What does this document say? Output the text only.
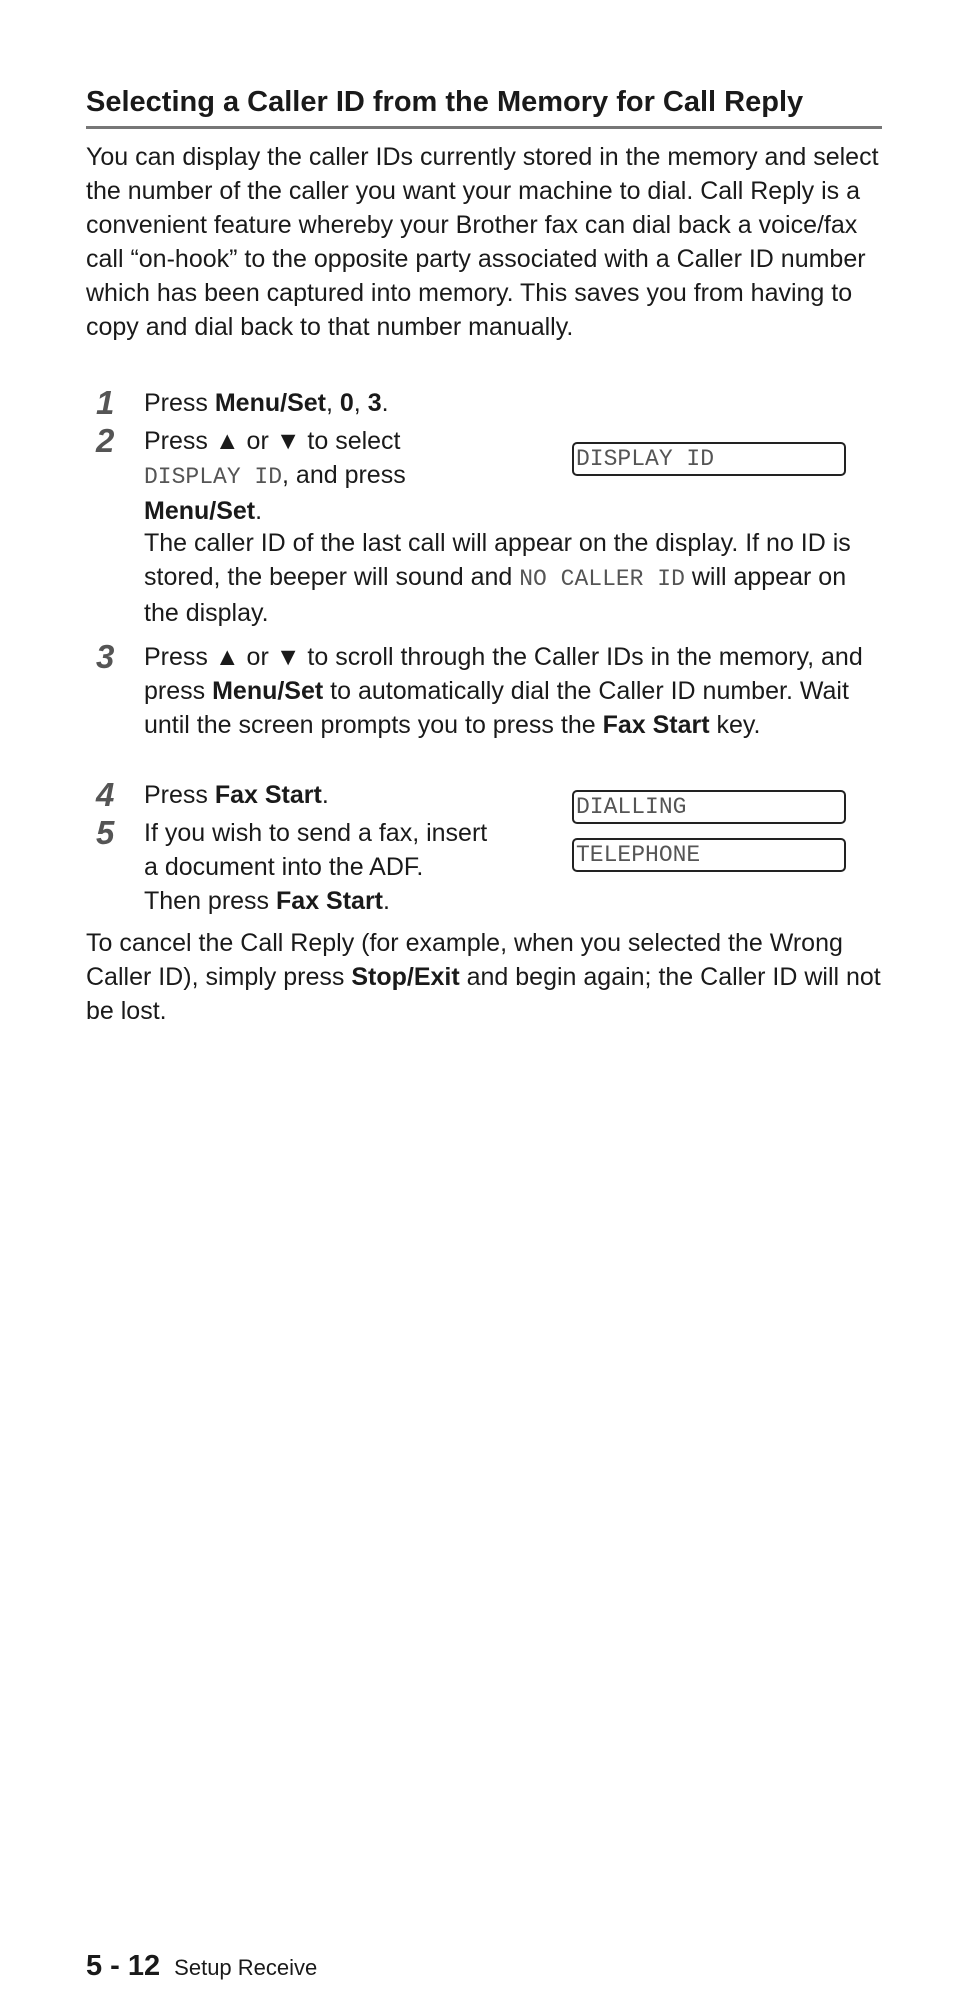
Selecting a Caller ID from the Memory for Call Reply

You can display the caller IDs currently stored in the memory and select the number of the caller you want your machine to dial. Call Reply is a convenient feature whereby your Brother fax can dial back a voice/fax call “on-hook” to the opposite party associated with a Caller ID number which has been captured into memory. This saves you from having to copy and dial back to that number manually.

1 Press Menu/Set, 0, 3.
2 Press ▲ or ▼ to select
DISPLAY ID, and press
Menu/Set.
The caller ID of the last call will appear on the display. If no ID is stored, the beeper will sound and NO CALLER ID will appear on the display.
DISPLAY ID
3 Press ▲ or ▼ to scroll through the Caller IDs in the memory, and press Menu/Set to automatically dial the Caller ID number. Wait until the screen prompts you to press the Fax Start key.
4 Press Fax Start.
5 If you wish to send a fax, insert
a document into the ADF.
Then press Fax Start.
DIALLING
TELEPHONE

To cancel the Call Reply (for example, when you selected the Wrong Caller ID), simply press Stop/Exit and begin again; the Caller ID will not be lost.

5 - 12 Setup Receive
